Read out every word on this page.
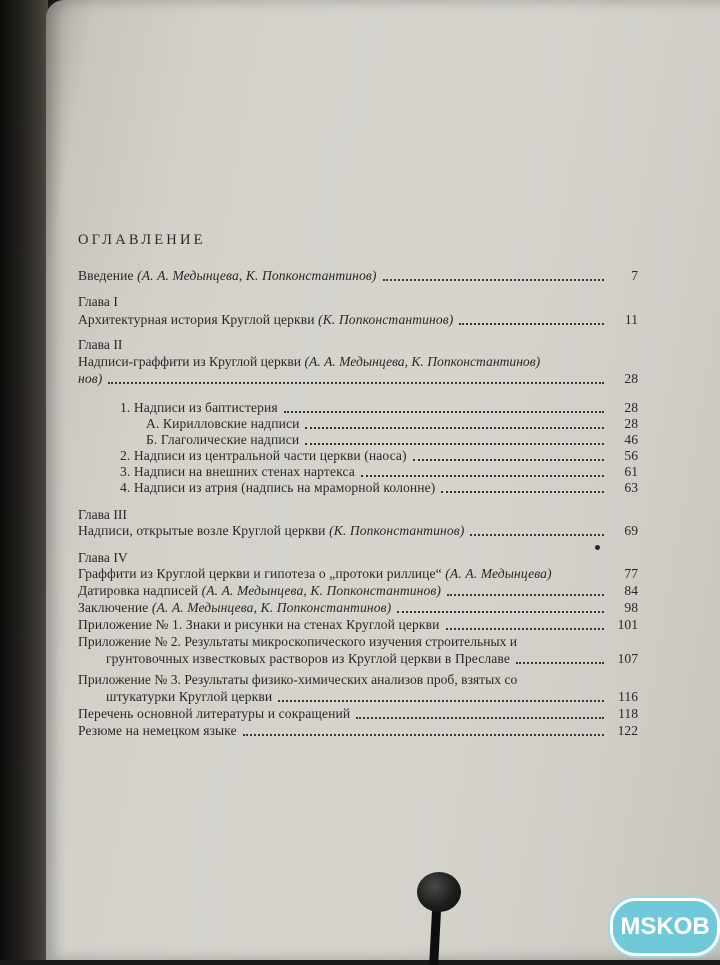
ОГЛАВЛЕНИЕ
Введение (А. А. Медынцева, К. Попконстантинов)	7
Глава I
Архитектурная история Круглой церкви (К. Попконстантинов)	11
Глава II
Надписи-граффити из Круглой церкви (А. А. Медынцева, К. Попконстантинов)
нов)	28
1. Надписи из баптистерия	28
А. Кирилловские надписи	28
Б. Глаголические надписи	46
2. Надписи из центральной части церкви (наоса)	56
3. Надписи на внешних стенах нартекса	61
4. Надписи из атрия (надпись на мраморной колонне)	63
Глава III
Надписи, открытые возле Круглой церкви (К. Попконстантинов)	69
Глава IV
Граффити из Круглой церкви и гипотеза о „протоки риллице“ (А. А. Медынцева)	77
Датировка надписей (А. А. Медынцева, К. Попконстантинов)	84
Заключение (А. А. Медынцева, К. Попконстантинов)	98
Приложение № 1. Знаки и рисунки на стенах Круглой церкви	101
Приложение № 2. Результаты микроскопического изучения строительных и
грунтовочных известковых растворов из Круглой церкви в Преславе	107
Приложение № 3. Результаты физико-химических анализов проб, взятых со
штукатурки Круглой церкви	116
Перечень основной литературы и сокращений	118
Резюме на немецком языке	122
MSKOB
